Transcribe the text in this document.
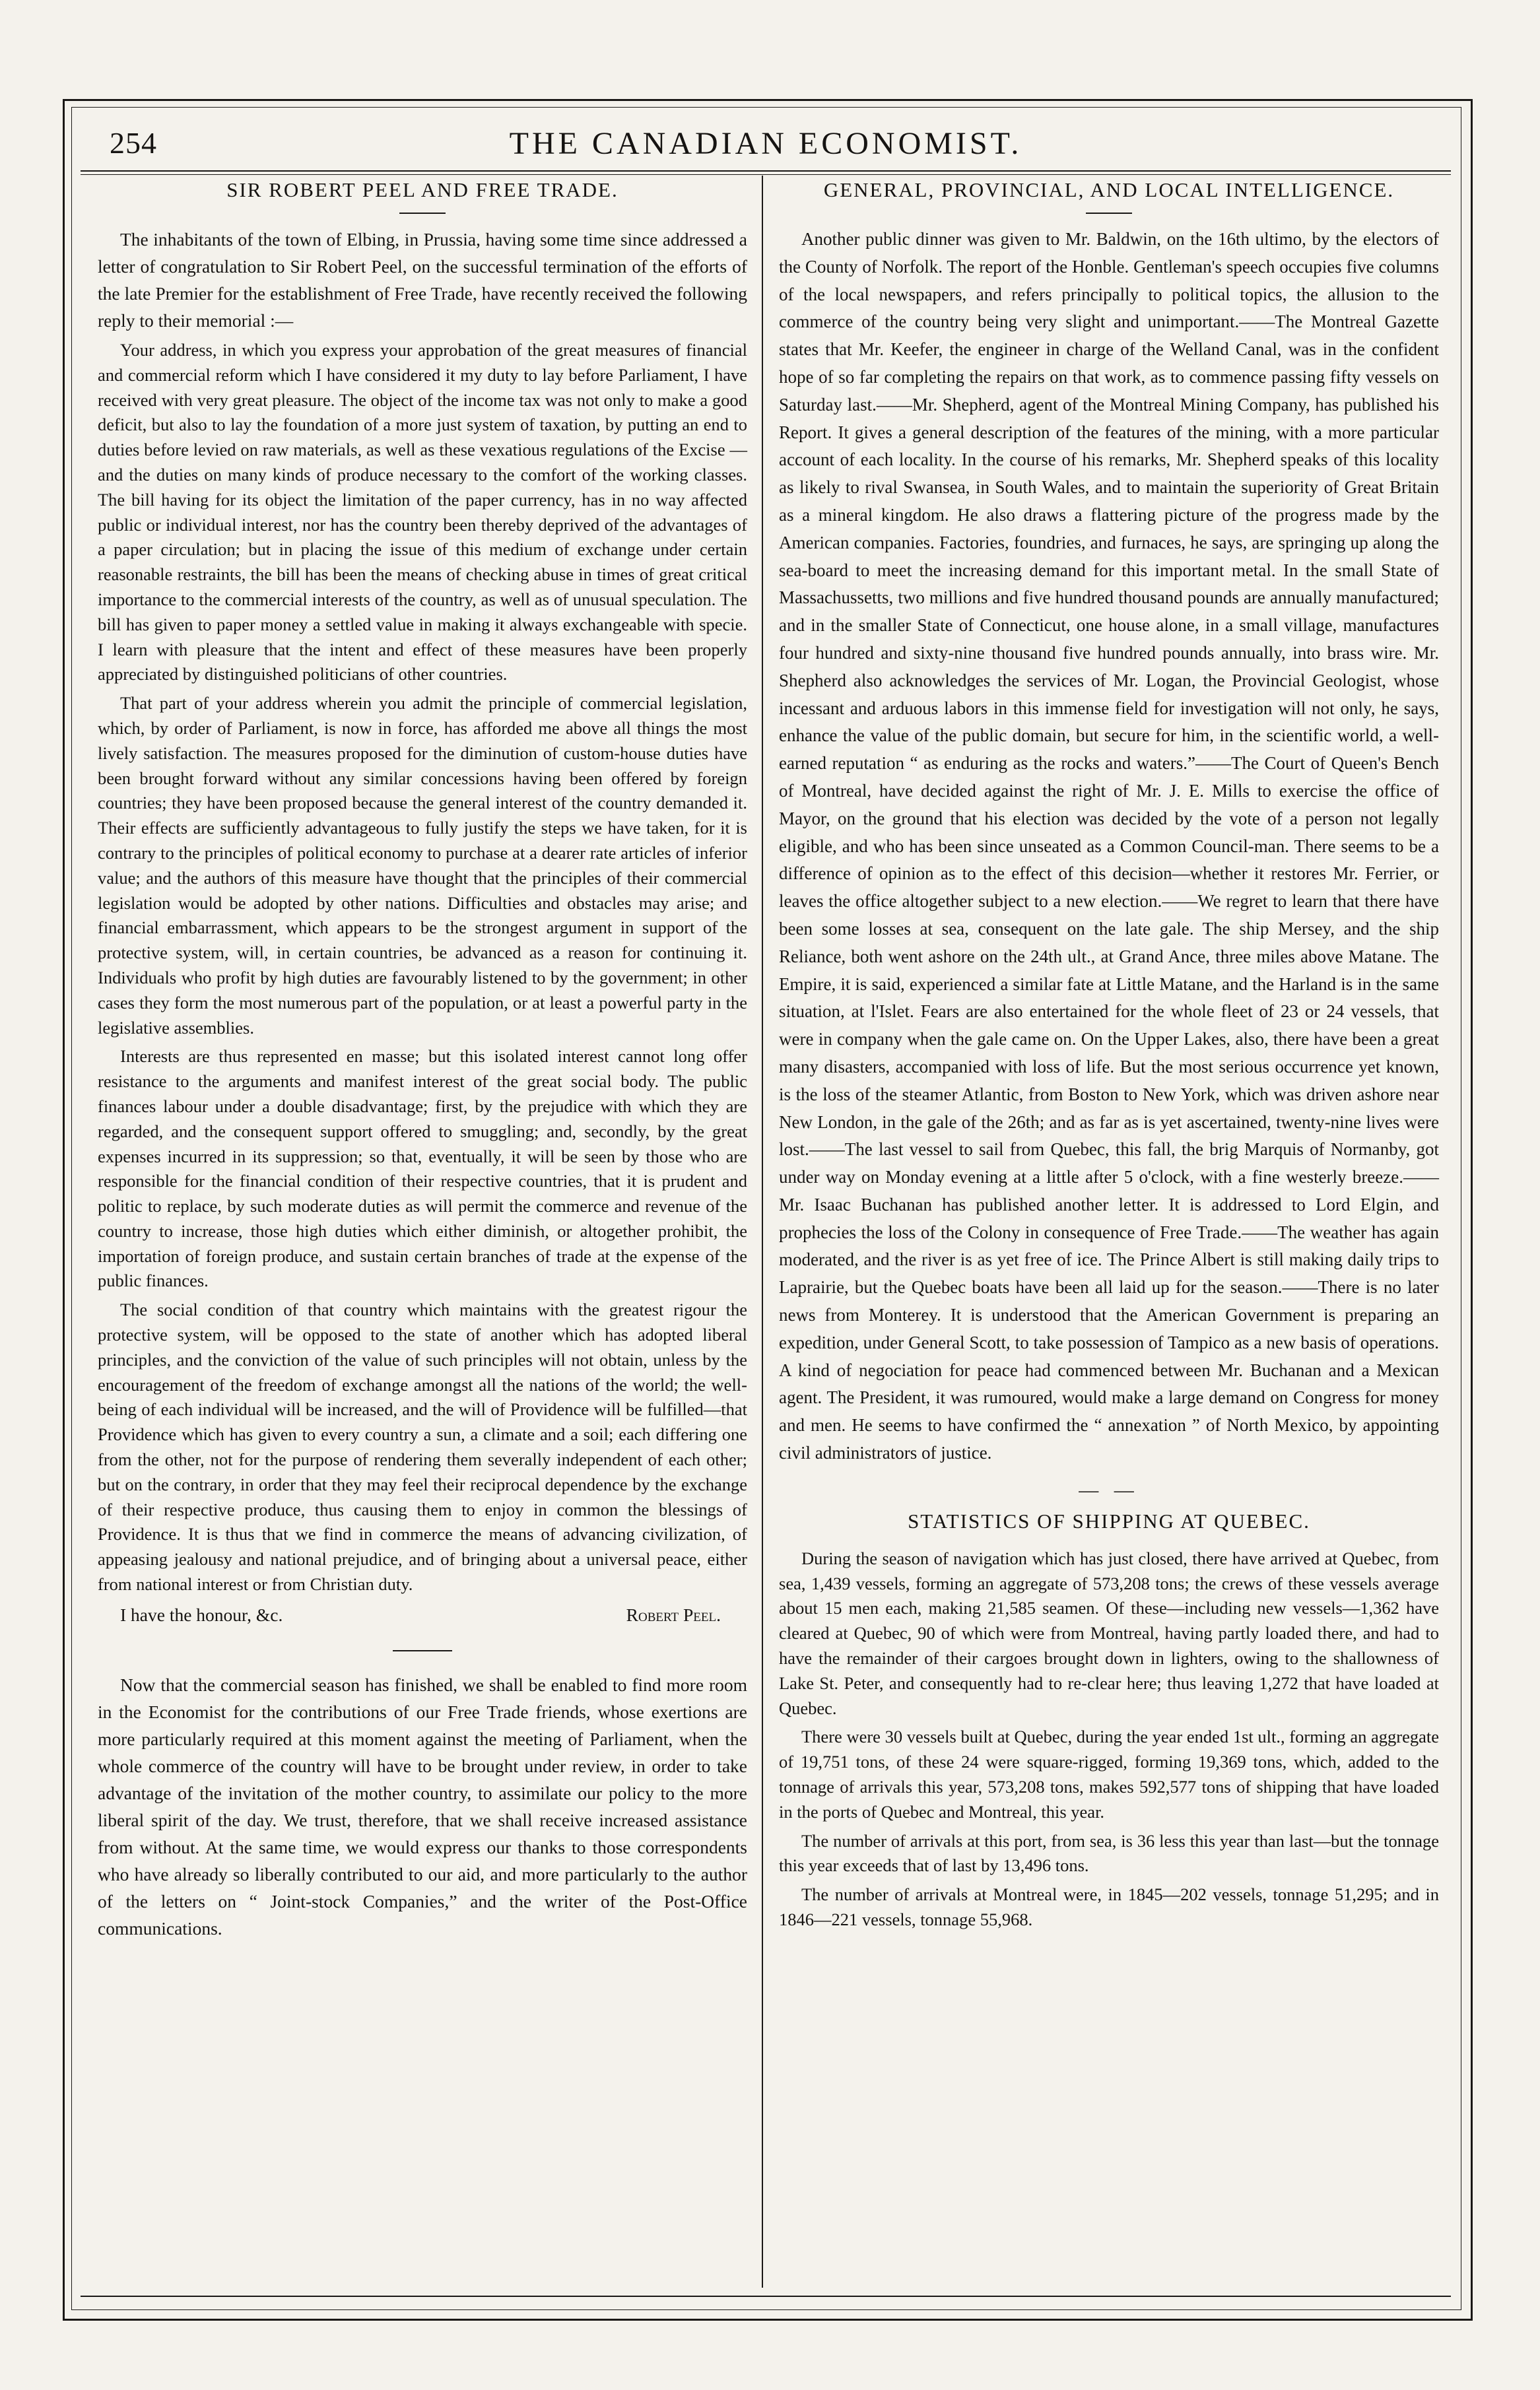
254	THE CANADIAN ECONOMIST.
SIR ROBERT PEEL AND FREE TRADE.

The inhabitants of the town of Elbing, in Prussia, having some time since addressed a letter of congratulation to Sir Robert Peel, on the successful termination of the efforts of the late Premier for the establishment of Free Trade, have recently received the following reply to their memorial :—

Your address, in which you express your approbation of the great measures of financial and commercial reform which I have considered it my duty to lay before Parliament, I have received with very great pleasure. The object of the income tax was not only to make a good deficit, but also to lay the foundation of a more just system of taxation, by putting an end to duties before levied on raw materials, as well as these vexatious regulations of the Excise —and the duties on many kinds of produce necessary to the comfort of the working classes. The bill having for its object the limitation of the paper currency, has in no way affected public or individual interest, nor has the country been thereby deprived of the advantages of a paper circulation; but in placing the issue of this medium of exchange under certain reasonable restraints, the bill has been the means of checking abuse in times of great critical importance to the commercial interests of the country, as well as of unusual speculation. The bill has given to paper money a settled value in making it always exchangeable with specie. I learn with pleasure that the intent and effect of these measures have been properly appreciated by distinguished politicians of other countries.

That part of your address wherein you admit the principle of commercial legislation, which, by order of Parliament, is now in force, has afforded me above all things the most lively satisfaction. The measures proposed for the diminution of custom-house duties have been brought forward without any similar concessions having been offered by foreign countries; they have been proposed because the general interest of the country demanded it. Their effects are sufficiently advantageous to fully justify the steps we have taken, for it is contrary to the principles of political economy to purchase at a dearer rate articles of inferior value; and the authors of this measure have thought that the principles of their commercial legislation would be adopted by other nations. Difficulties and obstacles may arise; and financial embarrassment, which appears to be the strongest argument in support of the protective system, will, in certain countries, be advanced as a reason for continuing it. Individuals who profit by high duties are favourably listened to by the government; in other cases they form the most numerous part of the population, or at least a powerful party in the legislative assemblies.

Interests are thus represented en masse; but this isolated interest cannot long offer resistance to the arguments and manifest interest of the great social body. The public finances labour under a double disadvantage; first, by the prejudice with which they are regarded, and the consequent support offered to smuggling; and, secondly, by the great expenses incurred in its suppression; so that, eventually, it will be seen by those who are responsible for the financial condition of their respective countries, that it is prudent and politic to replace, by such moderate duties as will permit the commerce and revenue of the country to increase, those high duties which either diminish, or altogether prohibit, the importation of foreign produce, and sustain certain branches of trade at the expense of the public finances.

The social condition of that country which maintains with the greatest rigour the protective system, will be opposed to the state of another which has adopted liberal principles, and the conviction of the value of such principles will not obtain, unless by the encouragement of the freedom of exchange amongst all the nations of the world; the well-being of each individual will be increased, and the will of Providence will be fulfilled—that Providence which has given to every country a sun, a climate and a soil; each differing one from the other, not for the purpose of rendering them severally independent of each other; but on the contrary, in order that they may feel their reciprocal dependence by the exchange of their respective produce, thus causing them to enjoy in common the blessings of Providence. It is thus that we find in commerce the means of advancing civilization, of appeasing jealousy and national prejudice, and of bringing about a universal peace, either from national interest or from Christian duty.

I have the honour, &c.	Robert Peel.

Now that the commercial season has finished, we shall be enabled to find more room in the Economist for the contributions of our Free Trade friends, whose exertions are more particularly required at this moment against the meeting of Parliament, when the whole commerce of the country will have to be brought under review, in order to take advantage of the invitation of the mother country, to assimilate our policy to the more liberal spirit of the day. We trust, therefore, that we shall receive increased assistance from without. At the same time, we would express our thanks to those correspondents who have already so liberally contributed to our aid, and more particularly to the author of the letters on “ Joint-stock Companies,” and the writer of the Post-Office communications.

GENERAL, PROVINCIAL, AND LOCAL INTELLIGENCE.

Another public dinner was given to Mr. Baldwin, on the 16th ultimo, by the electors of the County of Norfolk. The report of the Honble. Gentleman's speech occupies five columns of the local newspapers, and refers principally to political topics, the allusion to the commerce of the country being very slight and unimportant.——The Montreal Gazette states that Mr. Keefer, the engineer in charge of the Welland Canal, was in the confident hope of so far completing the repairs on that work, as to commence passing fifty vessels on Saturday last.——Mr. Shepherd, agent of the Montreal Mining Company, has published his Report. It gives a general description of the features of the mining, with a more particular account of each locality. In the course of his remarks, Mr. Shepherd speaks of this locality as likely to rival Swansea, in South Wales, and to maintain the superiority of Great Britain as a mineral kingdom. He also draws a flattering picture of the progress made by the American companies. Factories, foundries, and furnaces, he says, are springing up along the sea-board to meet the increasing demand for this important metal. In the small State of Massachussetts, two millions and five hundred thousand pounds are annually manufactured; and in the smaller State of Connecticut, one house alone, in a small village, manufactures four hundred and sixty-nine thousand five hundred pounds annually, into brass wire. Mr. Shepherd also acknowledges the services of Mr. Logan, the Provincial Geologist, whose incessant and arduous labors in this immense field for investigation will not only, he says, enhance the value of the public domain, but secure for him, in the scientific world, a well-earned reputation “ as enduring as the rocks and waters.”——The Court of Queen's Bench of Montreal, have decided against the right of Mr. J. E. Mills to exercise the office of Mayor, on the ground that his election was decided by the vote of a person not legally eligible, and who has been since unseated as a Common Council-man. There seems to be a difference of opinion as to the effect of this decision—whether it restores Mr. Ferrier, or leaves the office altogether subject to a new election.——We regret to learn that there have been some losses at sea, consequent on the late gale. The ship Mersey, and the ship Reliance, both went ashore on the 24th ult., at Grand Ance, three miles above Matane. The Empire, it is said, experienced a similar fate at Little Matane, and the Harland is in the same situation, at l'Islet. Fears are also entertained for the whole fleet of 23 or 24 vessels, that were in company when the gale came on. On the Upper Lakes, also, there have been a great many disasters, accompanied with loss of life. But the most serious occurrence yet known, is the loss of the steamer Atlantic, from Boston to New York, which was driven ashore near New London, in the gale of the 26th; and as far as is yet ascertained, twenty-nine lives were lost.——The last vessel to sail from Quebec, this fall, the brig Marquis of Normanby, got under way on Monday evening at a little after 5 o'clock, with a fine westerly breeze.——Mr. Isaac Buchanan has published another letter. It is addressed to Lord Elgin, and prophecies the loss of the Colony in consequence of Free Trade.——The weather has again moderated, and the river is as yet free of ice. The Prince Albert is still making daily trips to Laprairie, but the Quebec boats have been all laid up for the season.——There is no later news from Monterey. It is understood that the American Government is preparing an expedition, under General Scott, to take possession of Tampico as a new basis of operations. A kind of negociation for peace had commenced between Mr. Buchanan and a Mexican agent. The President, it was rumoured, would make a large demand on Congress for money and men. He seems to have confirmed the “ annexation ” of North Mexico, by appointing civil administrators of justice.

— —
STATISTICS OF SHIPPING AT QUEBEC.

During the season of navigation which has just closed, there have arrived at Quebec, from sea, 1,439 vessels, forming an aggregate of 573,208 tons; the crews of these vessels average about 15 men each, making 21,585 seamen. Of these—including new vessels—1,362 have cleared at Quebec, 90 of which were from Montreal, having partly loaded there, and had to have the remainder of their cargoes brought down in lighters, owing to the shallowness of Lake St. Peter, and consequently had to re-clear here; thus leaving 1,272 that have loaded at Quebec.

There were 30 vessels built at Quebec, during the year ended 1st ult., forming an aggregate of 19,751 tons, of these 24 were square-rigged, forming 19,369 tons, which, added to the tonnage of arrivals this year, 573,208 tons, makes 592,577 tons of shipping that have loaded in the ports of Quebec and Montreal, this year.

The number of arrivals at this port, from sea, is 36 less this year than last—but the tonnage this year exceeds that of last by 13,496 tons.

The number of arrivals at Montreal were, in 1845—202 vessels, tonnage 51,295; and in 1846—221 vessels, tonnage 55,968.
